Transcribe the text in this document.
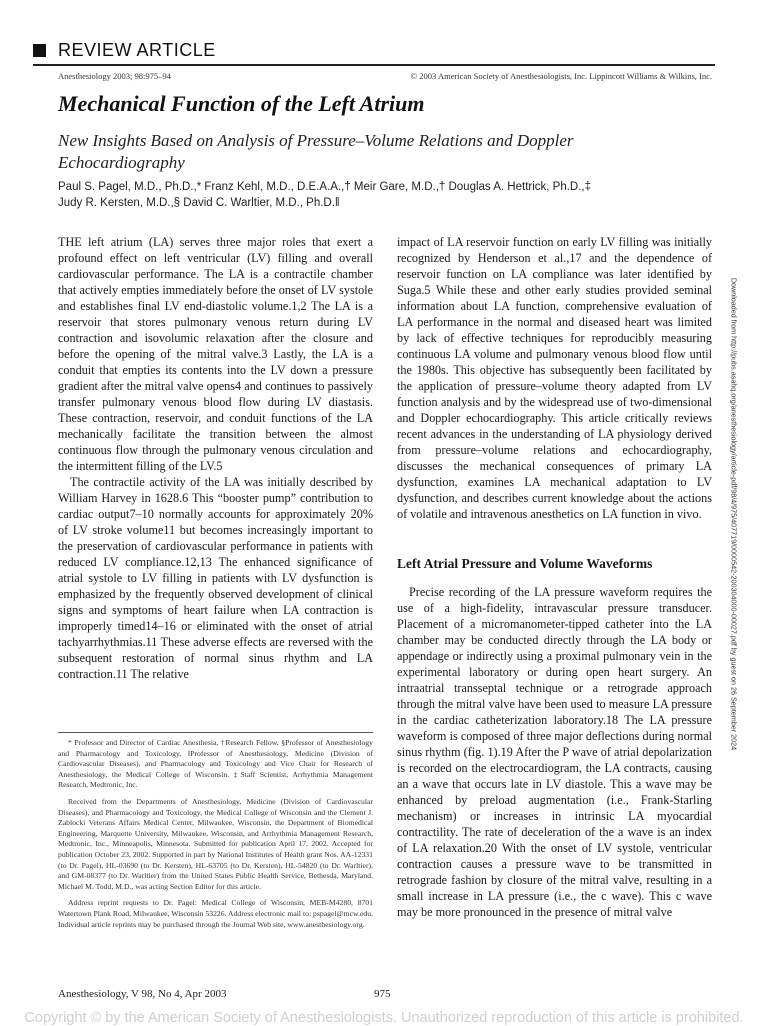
REVIEW ARTICLE
Anesthesiology 2003; 98:975–94	© 2003 American Society of Anesthesiologists, Inc. Lippincott Williams & Wilkins, Inc.
Mechanical Function of the Left Atrium
New Insights Based on Analysis of Pressure–Volume Relations and Doppler Echocardiography
Paul S. Pagel, M.D., Ph.D.,* Franz Kehl, M.D., D.E.A.A.,† Meir Gare, M.D.,† Douglas A. Hettrick, Ph.D.,‡
Judy R. Kersten, M.D.,§ David C. Warltier, M.D., Ph.D.‖

THE left atrium (LA) serves three major roles that exert a profound effect on left ventricular (LV) filling and overall cardiovascular performance. The LA is a contractile chamber that actively empties immediately before the onset of LV systole and establishes final LV end-diastolic volume.1,2 The LA is a reservoir that stores pulmonary venous return during LV contraction and isovolumic relaxation after the closure and before the opening of the mitral valve.3 Lastly, the LA is a conduit that empties its contents into the LV down a pressure gradient after the mitral valve opens4 and continues to passively transfer pulmonary venous blood flow during LV diastasis. These contraction, reservoir, and conduit functions of the LA mechanically facilitate the transition between the almost continuous flow through the pulmonary venous circulation and the intermittent filling of the LV.5

The contractile activity of the LA was initially described by William Harvey in 1628.6 This “booster pump” contribution to cardiac output7–10 normally accounts for approximately 20% of LV stroke volume11 but becomes increasingly important to the preservation of cardiovascular performance in patients with reduced LV compliance.12,13 The enhanced significance of atrial systole to LV filling in patients with LV dysfunction is emphasized by the frequently observed development of clinical signs and symptoms of heart failure when LA contraction is improperly timed14–16 or eliminated with the onset of atrial tachyarrhythmias.11 These adverse effects are reversed with the subsequent restoration of normal sinus rhythm and LA contraction.11 The relative

impact of LA reservoir function on early LV filling was initially recognized by Henderson et al.,17 and the dependence of reservoir function on LA compliance was later identified by Suga.5 While these and other early studies provided seminal information about LA function, comprehensive evaluation of LA performance in the normal and diseased heart was limited by lack of effective techniques for reproducibly measuring continuous LA volume and pulmonary venous blood flow until the 1980s. This objective has subsequently been facilitated by the application of pressure–volume theory adapted from LV function analysis and by the widespread use of two-dimensional and Doppler echocardiography. This article critically reviews recent advances in the understanding of LA physiology derived from pressure–volume relations and echocardiography, discusses the mechanical consequences of primary LA dysfunction, examines LA mechanical adaptation to LV dysfunction, and describes current knowledge about the actions of volatile and intravenous anesthetics on LA function in vivo.

Left Atrial Pressure and Volume Waveforms

Precise recording of the LA pressure waveform requires the use of a high-fidelity, intravascular pressure transducer. Placement of a micromanometer-tipped catheter into the LA chamber may be conducted directly through the LA body or appendage or indirectly using a proximal pulmonary vein in the experimental laboratory or during open heart surgery. An intraatrial transseptal technique or a retrograde approach through the mitral valve have been used to measure LA pressure in the cardiac catheterization laboratory.18 The LA pressure waveform is composed of three major deflections during normal sinus rhythm (fig. 1).19 After the P wave of atrial depolarization is recorded on the electrocardiogram, the LA contracts, causing an a wave that occurs late in LV diastole. This a wave may be enhanced by preload augmentation (i.e., Frank-Starling mechanism) or increases in intrinsic LA myocardial contractility. The rate of deceleration of the a wave is an index of LA relaxation.20 With the onset of LV systole, ventricular contraction causes a pressure wave to be transmitted in retrograde fashion by closure of the mitral valve, resulting in a small increase in LA pressure (i.e., the c wave). This c wave may be more pronounced in the presence of mitral valve

* Professor and Director of Cardiac Anesthesia, †Research Fellow, §Professor of Anesthesiology and Pharmacology and Toxicology, ‖Professor of Anesthesiology, Medicine (Division of Cardiovascular Diseases), and Pharmacology and Toxicology and Vice Chair for Research of Anesthesiology, the Medical College of Wisconsin. ‡Staff Scientist, Arrhythmia Management Research, Medtronic, Inc.

Received from the Departments of Anesthesiology, Medicine (Division of Cardiovascular Diseases), and Pharmacology and Toxicology, the Medical College of Wisconsin and the Clement J. Zablocki Veterans Affairs Medical Center, Milwaukee, Wisconsin, the Department of Biomedical Engineering, Marquette University, Milwaukee, Wisconsin, and Arrhythmia Management Research, Medtronic, Inc., Minneapolis, Minnesota. Submitted for publication April 17, 2002. Accepted for publication October 23, 2002. Supported in part by National Institutes of Health grant Nos. AA-12331 (to Dr. Pagel), HL-03690 (to Dr. Kersten), HL-63705 (to Dr. Kersten), HL-54820 (to Dr. Warltier), and GM-08377 (to Dr. Warltier) from the United States Public Health Service, Bethesda, Maryland. Michael M. Todd, M.D., was acting Section Editor for this article.

Address reprint requests to Dr. Pagel: Medical College of Wisconsin, MEB-M4280, 8701 Watertown Plank Road, Milwaukee, Wisconsin 53226. Address electronic mail to: pspagel@mcw.edu. Individual article reprints may be purchased through the Journal Web site, www.anesthesiology.org.

Downloaded from http://pubs.asahq.org/anesthesiology/article-pdf/98/4/975/407719/0000542-200304000-00027.pdf by guest on 26 September 2024
Anesthesiology, V 98, No 4, Apr 2003	975
Copyright © by the American Society of Anesthesiologists. Unauthorized reproduction of this article is prohibited.
